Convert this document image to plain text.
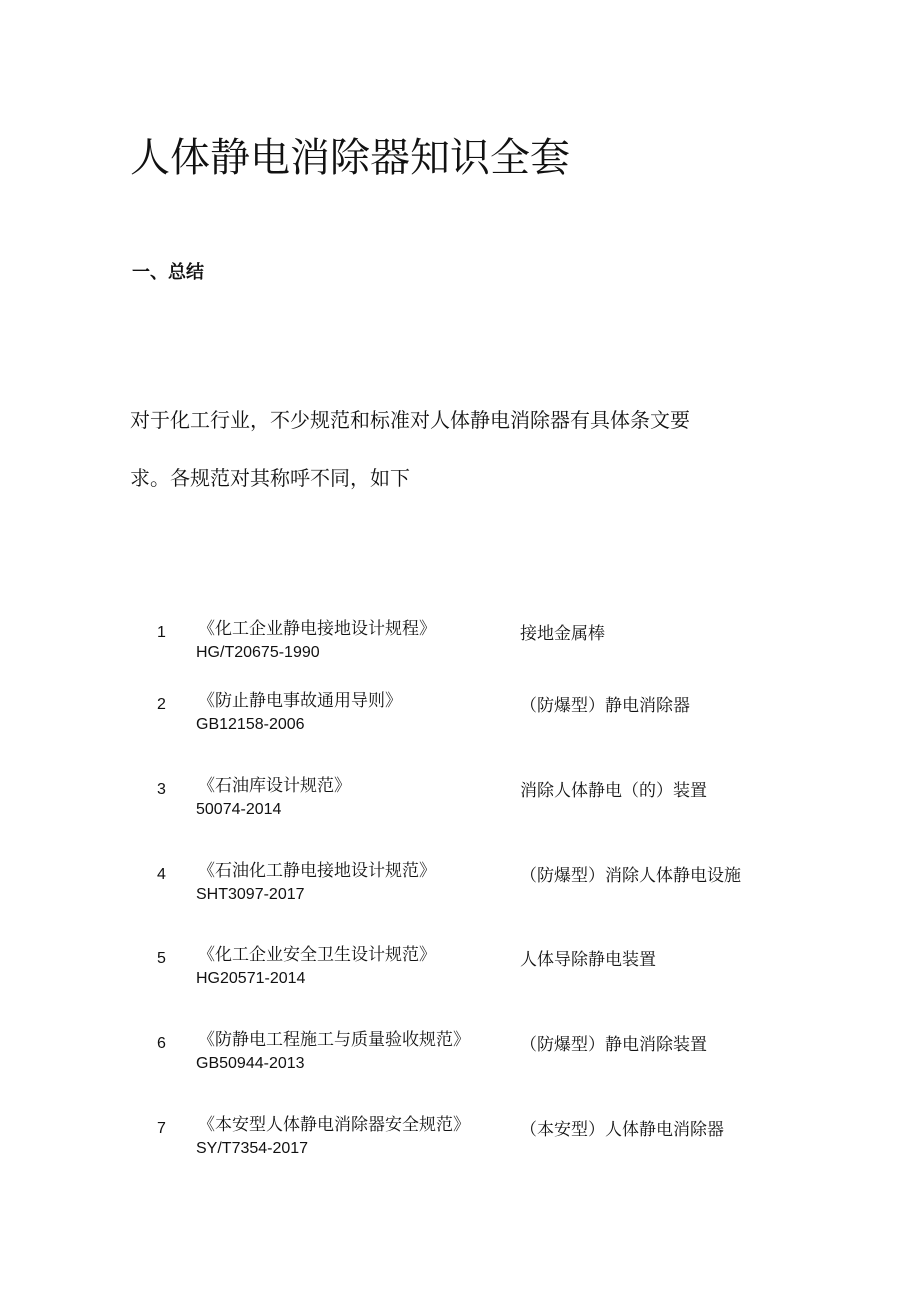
人体静电消除器知识全套
一、总结

对于化工行业，不少规范和标准对人体静电消除器有具体条文要

求。各规范对其称呼不同，如下

1 《化工企业静电接地设计规程》
HG/T20675-1990
接地金属棒
2 《防止静电事故通用导则》
GB12158-2006
（防爆型）静电消除器
3 《石油库设计规范》
50074-2014
消除人体静电（的）装置
4 《石油化工静电接地设计规范》
SHT3097-2017
（防爆型）消除人体静电设施
5 《化工企业安全卫生设计规范》
HG20571-2014
人体导除静电装置
6 《防静电工程施工与质量验收规范》
GB50944-2013
（防爆型）静电消除装置
7 《本安型人体静电消除器安全规范》
SY/T7354-2017
（本安型）人体静电消除器
